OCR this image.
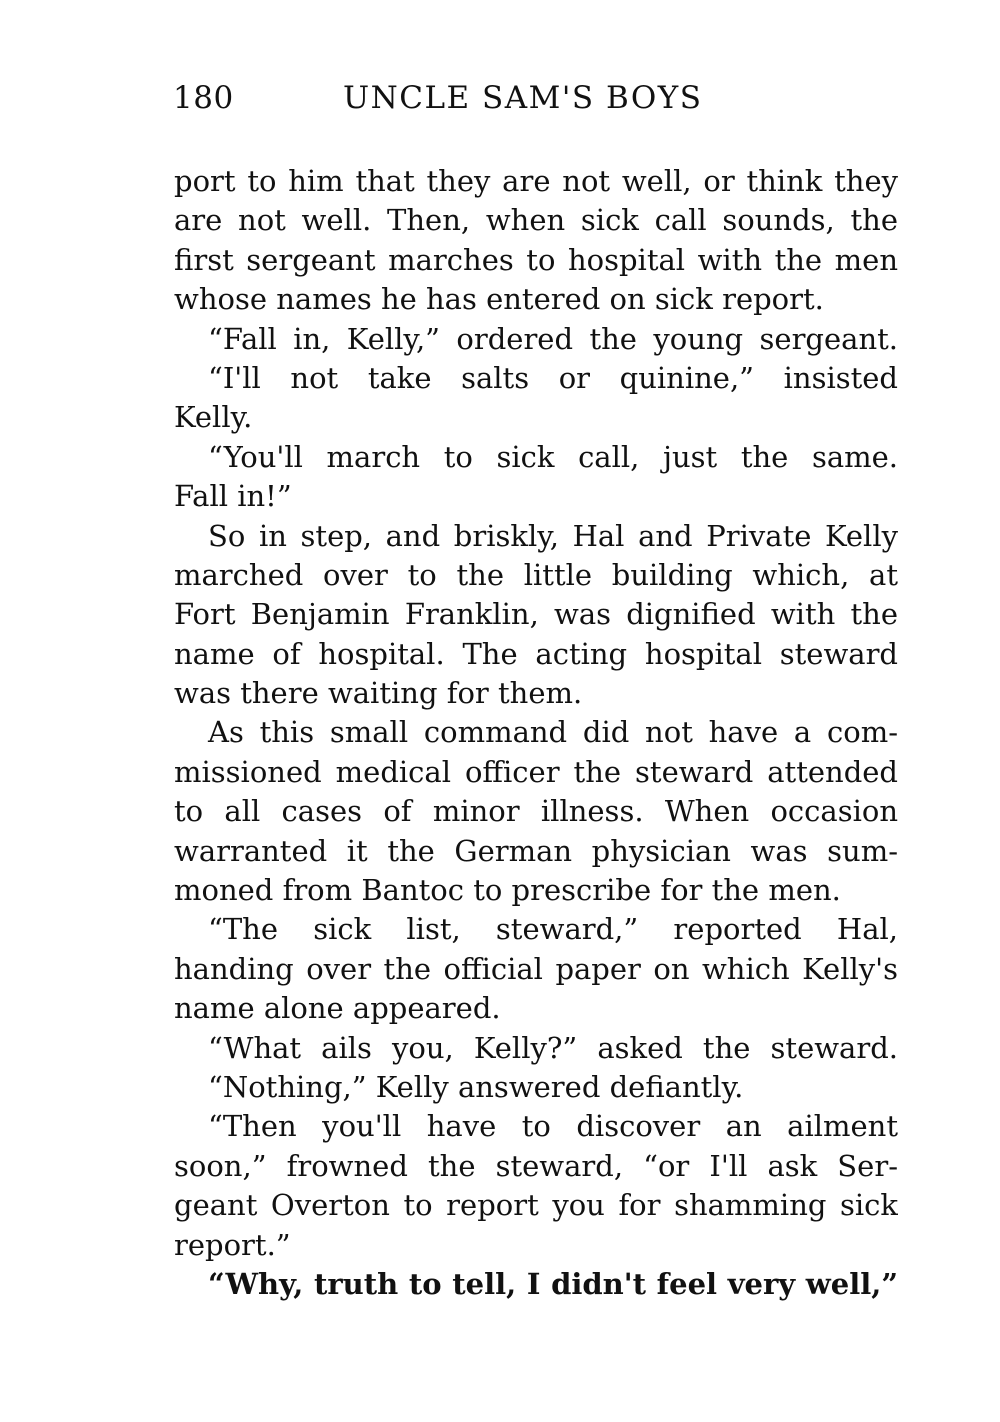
180	UNCLE SAM'S BOYS
port to him that they are not well, or think they
are not well. Then, when sick call sounds, the
first sergeant marches to hospital with the men
whose names he has entered on sick report.
“Fall in, Kelly,” ordered the young sergeant.
“I'll not take salts or quinine,” insisted
Kelly.
“You'll march to sick call, just the same.
Fall in!”
So in step, and briskly, Hal and Private Kelly
marched over to the little building which, at
Fort Benjamin Franklin, was dignified with the
name of hospital. The acting hospital steward
was there waiting for them.
As this small command did not have a com-
missioned medical officer the steward attended
to all cases of minor illness. When occasion
warranted it the German physician was sum-
moned from Bantoc to prescribe for the men.
“The sick list, steward,” reported Hal,
handing over the official paper on which Kelly's
name alone appeared.
“What ails you, Kelly?” asked the steward.
“Nothing,” Kelly answered defiantly.
“Then you'll have to discover an ailment
soon,” frowned the steward, “or I'll ask Ser-
geant Overton to report you for shamming sick
report.”
“Why, truth to tell, I didn't feel very well,”
